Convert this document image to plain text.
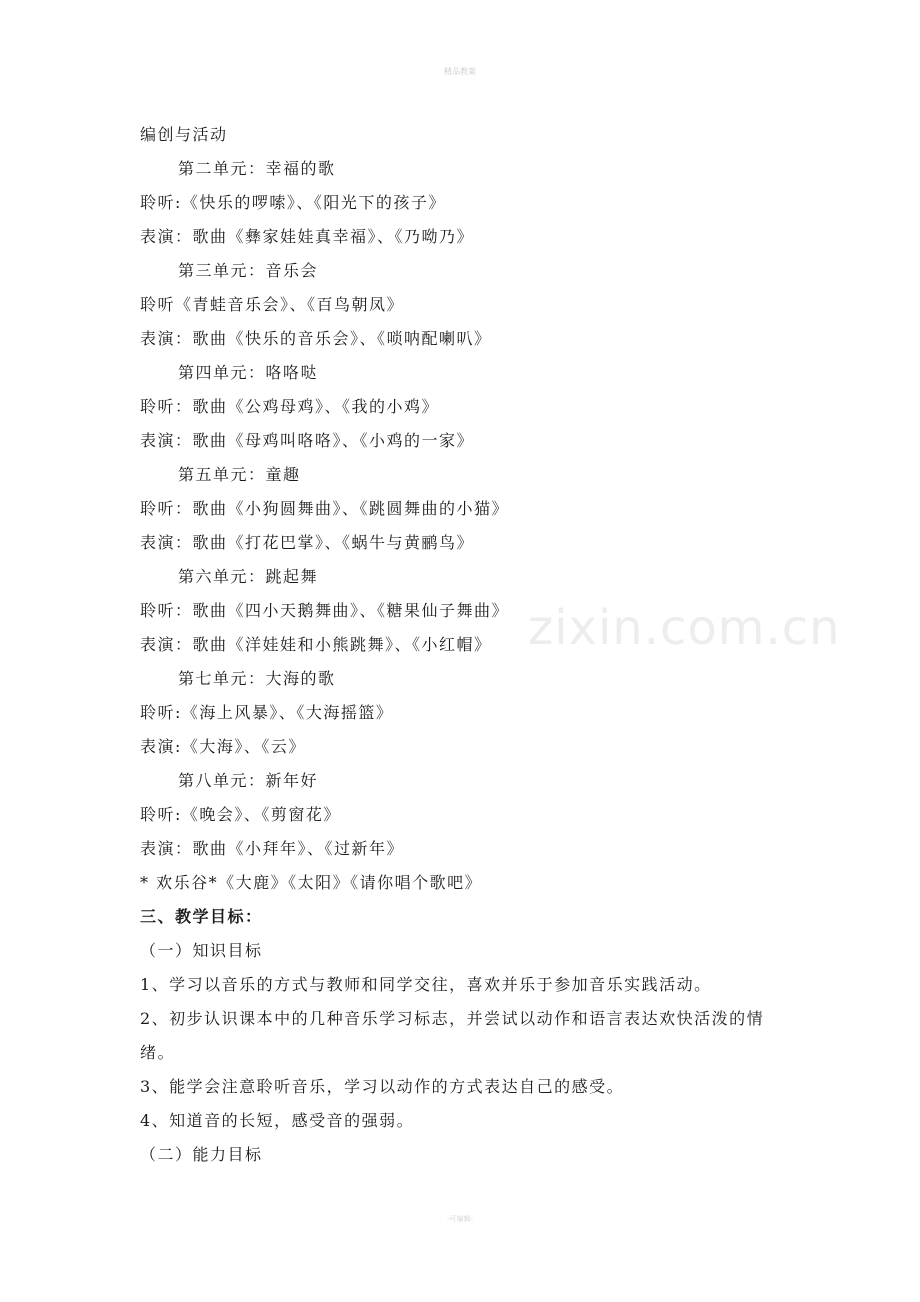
精品教案
zixin.com.cn
编创与活动
第二单元：幸福的歌
聆听:《快乐的啰嗦》、《阳光下的孩子》
表演：歌曲《彝家娃娃真幸福》、《乃呦乃》
第三单元：音乐会
聆听《青蛙音乐会》、《百鸟朝凤》
表演：歌曲《快乐的音乐会》、《唢呐配喇叭》
第四单元：咯咯哒
聆听：歌曲《公鸡母鸡》、《我的小鸡》
表演：歌曲《母鸡叫咯咯》、《小鸡的一家》
第五单元：童趣
聆听：歌曲《小狗圆舞曲》、《跳圆舞曲的小猫》
表演：歌曲《打花巴掌》、《蜗牛与黄鹂鸟》
第六单元：跳起舞
聆听：歌曲《四小天鹅舞曲》、《糖果仙子舞曲》
表演：歌曲《洋娃娃和小熊跳舞》、《小红帽》
第七单元：大海的歌
聆听:《海上风暴》、《大海摇篮》
表演:《大海》、《云》
第八单元：新年好
聆听:《晚会》、《剪窗花》
表演：歌曲《小拜年》、《过新年》
* 欢乐谷*《大鹿》《太阳》《请你唱个歌吧》
三、教学目标：
（一）知识目标
1、学习以音乐的方式与教师和同学交往，喜欢并乐于参加音乐实践活动。
2、初步认识课本中的几种音乐学习标志，并尝试以动作和语言表达欢快活泼的情绪。
3、能学会注意聆听音乐，学习以动作的方式表达自己的感受。
4、知道音的长短，感受音的强弱。
（二）能力目标
-可编辑-
